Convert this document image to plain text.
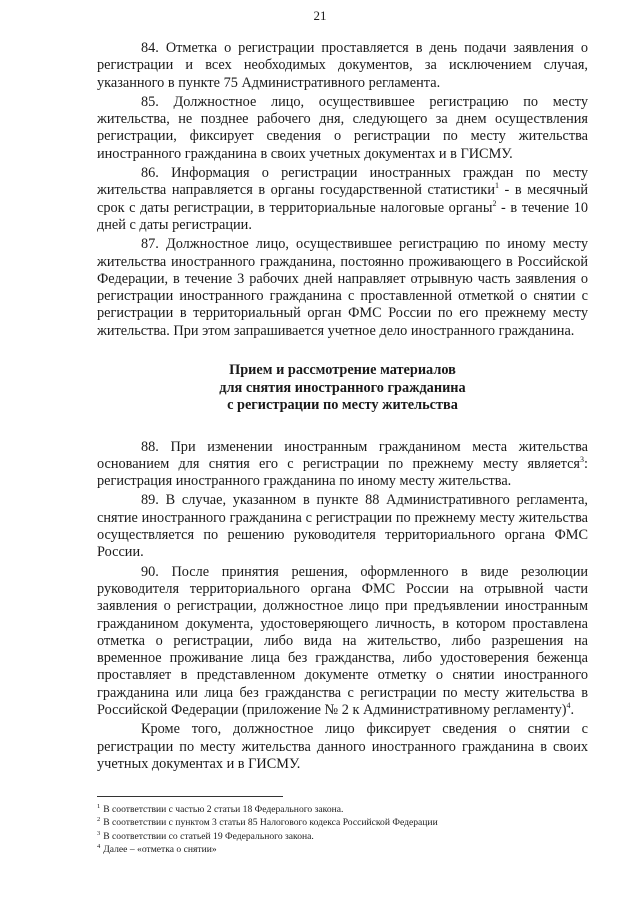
21

84. Отметка о регистрации проставляется в день подачи заявления о регистрации и всех необходимых документов, за исключением случая, указанного в пункте 75 Административного регламента.

85. Должностное лицо, осуществившее регистрацию по месту жительства, не позднее рабочего дня, следующего за днем осуществления регистрации, фиксирует сведения о регистрации по месту жительства иностранного гражданина в своих учетных документах и в ГИСМУ.

86. Информация о регистрации иностранных граждан по месту жительства направляется в органы государственной статистики$^1$ - в месячный срок с даты регистрации, в территориальные налоговые органы$^2$ - в течение 10 дней с даты регистрации.

87. Должностное лицо, осуществившее регистрацию по иному месту жительства иностранного гражданина, постоянно проживающего в Российской Федерации, в течение 3 рабочих дней направляет отрывную часть заявления о регистрации иностранного гражданина с проставленной отметкой о снятии с регистрации в территориальный орган ФМС России по его прежнему месту жительства. При этом запрашивается учетное дело иностранного гражданина.

Прием и рассмотрение материалов
для снятия иностранного гражданина
с регистрации по месту жительства

88. При изменении иностранным гражданином места жительства основанием для снятия его с регистрации по прежнему месту является$^3$: регистрация иностранного гражданина по иному месту жительства.

89. В случае, указанном в пункте 88 Административного регламента, снятие иностранного гражданина с регистрации по прежнему месту жительства осуществляется по решению руководителя территориального органа ФМС России.

90. После принятия решения, оформленного в виде резолюции руководителя территориального органа ФМС России на отрывной части заявления о регистрации, должностное лицо при предъявлении иностранным гражданином документа, удостоверяющего личность, в котором проставлена отметка о регистрации, либо вида на жительство, либо разрешения на временное проживание лица без гражданства, либо удостоверения беженца проставляет в представленном документе отметку о снятии иностранного гражданина или лица без гражданства с регистрации по месту жительства в Российской Федерации (приложение № 2 к Административному регламенту)$^4$.

Кроме того, должностное лицо фиксирует сведения о снятии с регистрации по месту жительства данного иностранного гражданина в своих учетных документах и в ГИСМУ.

$^1$ В соответствии с частью 2 статьи 18 Федерального закона.

$^2$ В соответствии с пунктом 3 статьи 85 Налогового кодекса Российской Федерации

$^3$ В соответствии со статьей 19 Федерального закона.

$^4$ Далее – «отметка о снятии»
